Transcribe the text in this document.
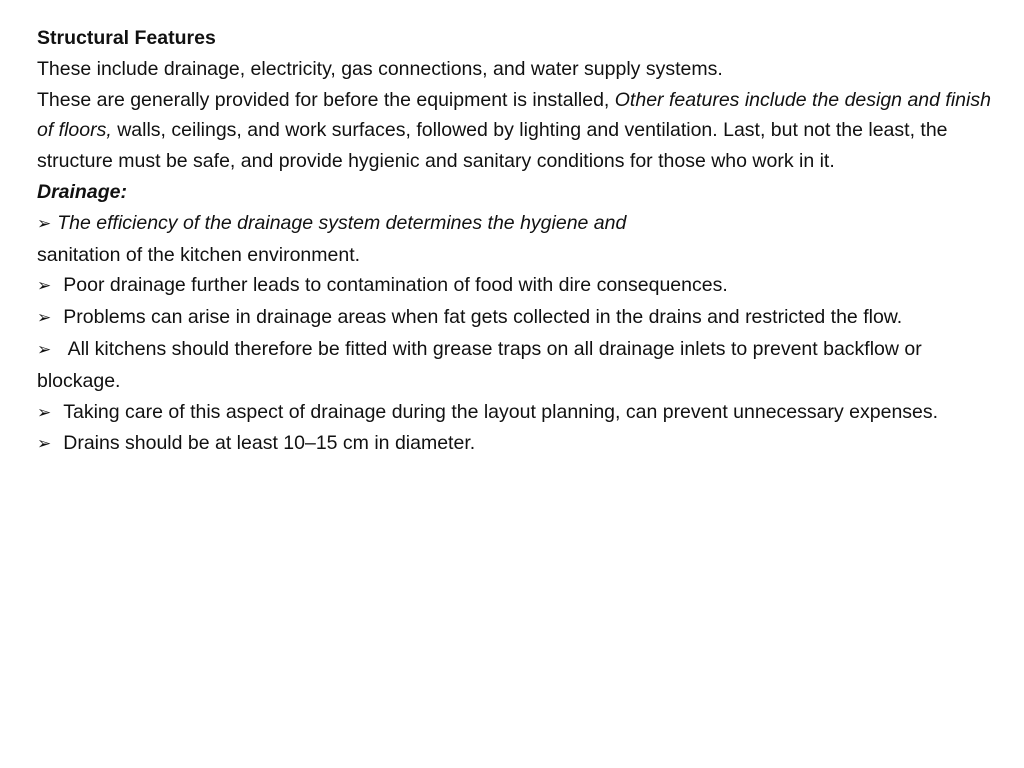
Structural Features

These include drainage, electricity, gas connections, and water supply systems.

These are generally provided for before the equipment is installed, Other features include the design and finish of floors, walls, ceilings, and work surfaces, followed by lighting and ventilation. Last, but not the least, the structure must be safe, and provide hygienic and sanitary conditions for those who work in it.

Drainage:

➢ The efficiency of the drainage system determines the hygiene and

sanitation of the kitchen environment.

➢ Poor drainage further leads to contamination of food with dire consequences.

➢ Problems can arise in drainage areas when fat gets collected in the drains and restricted the flow.

➢ All kitchens should therefore be fitted with grease traps on all drainage inlets to prevent backflow or blockage.

➢ Taking care of this aspect of drainage during the layout planning, can prevent unnecessary expenses.

➢ Drains should be at least 10–15 cm in diameter.
